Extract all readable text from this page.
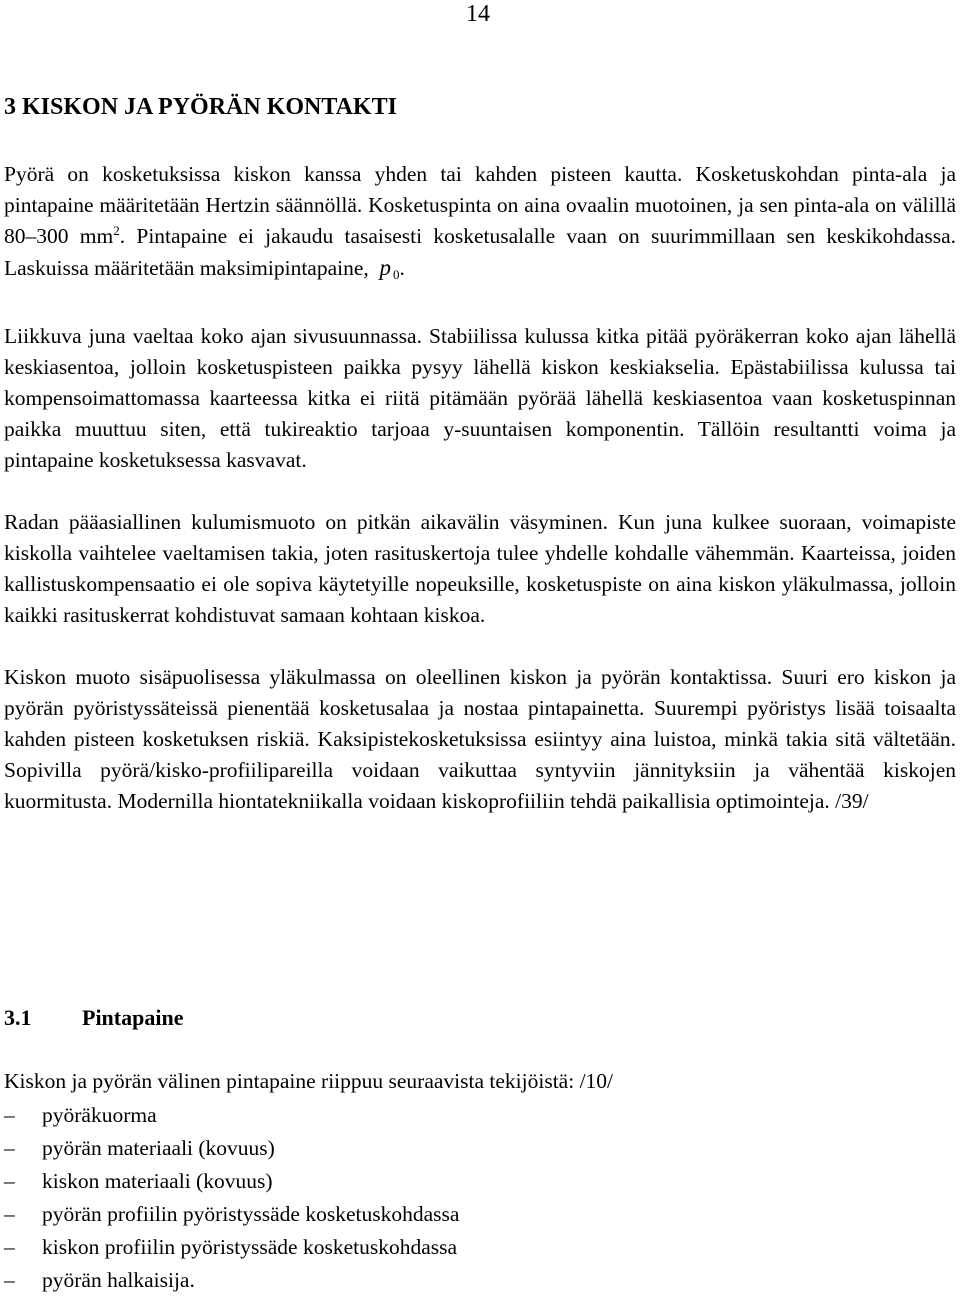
14
3 KISKON JA PYÖRÄN KONTAKTI

Pyörä on kosketuksissa kiskon kanssa yhden tai kahden pisteen kautta. Kosketuskohdan pinta-ala ja pintapaine määritetään Hertzin säännöllä. Kosketuspinta on aina ovaalin muotoinen, ja sen pinta-ala on välillä 80–300 $mm^2$. Pintapaine ei jakaudu tasaisesti kosketusalalle vaan on suurimmillaan sen keskikohdassa. Laskuissa määritetään maksimipintapaine, p 0.

Liikkuva juna vaeltaa koko ajan sivusuunnassa. Stabiilissa kulussa kitka pitää pyöräkerran koko ajan lähellä keskiasentoa, jolloin kosketuspisteen paikka pysyy lähellä kiskon keskiakselia. Epästabiilissa kulussa tai kompensoimattomassa kaarteessa kitka ei riitä pitämään pyörää lähellä keskiasentoa vaan kosketuspinnan paikka muuttuu siten, että tukireaktio tarjoaa y-suuntaisen komponentin. Tällöin resultantti voima ja pintapaine kosketuksessa kasvavat.

Radan pääasiallinen kulumismuoto on pitkän aikavälin väsyminen. Kun juna kulkee suoraan, voimapiste kiskolla vaihtelee vaeltamisen takia, joten rasituskertoja tulee yhdelle kohdalle vähemmän. Kaarteissa, joiden kallistuskompensaatio ei ole sopiva käytetyille nopeuksille, kosketuspiste on aina kiskon yläkulmassa, jolloin kaikki rasituskerrat kohdistuvat samaan kohtaan kiskoa.

Kiskon muoto sisäpuolisessa yläkulmassa on oleellinen kiskon ja pyörän kontaktissa. Suuri ero kiskon ja pyörän pyöristyssäteissä pienentää kosketusalaa ja nostaa pintapainetta. Suurempi pyöristys lisää toisaalta kahden pisteen kosketuksen riskiä. Kaksipistekosketuksissa esiintyy aina luistoa, minkä takia sitä vältetään. Sopivilla pyörä/kisko-profiilipareilla voidaan vaikuttaa syntyviin jännityksiin ja vähentää kiskojen kuormitusta. Modernilla hiontatekniikalla voidaan kiskoprofiiliin tehdä paikallisia optimointeja. /39/

3.1 Pintapaine

Kiskon ja pyörän välinen pintapaine riippuu seuraavista tekijöistä: /10/

–	pyöräkuorma
–	pyörän materiaali (kovuus)
–	kiskon materiaali (kovuus)
–	pyörän profiilin pyöristyssäde kosketuskohdassa
–	kiskon profiilin pyöristyssäde kosketuskohdassa
–	pyörän halkaisija.
